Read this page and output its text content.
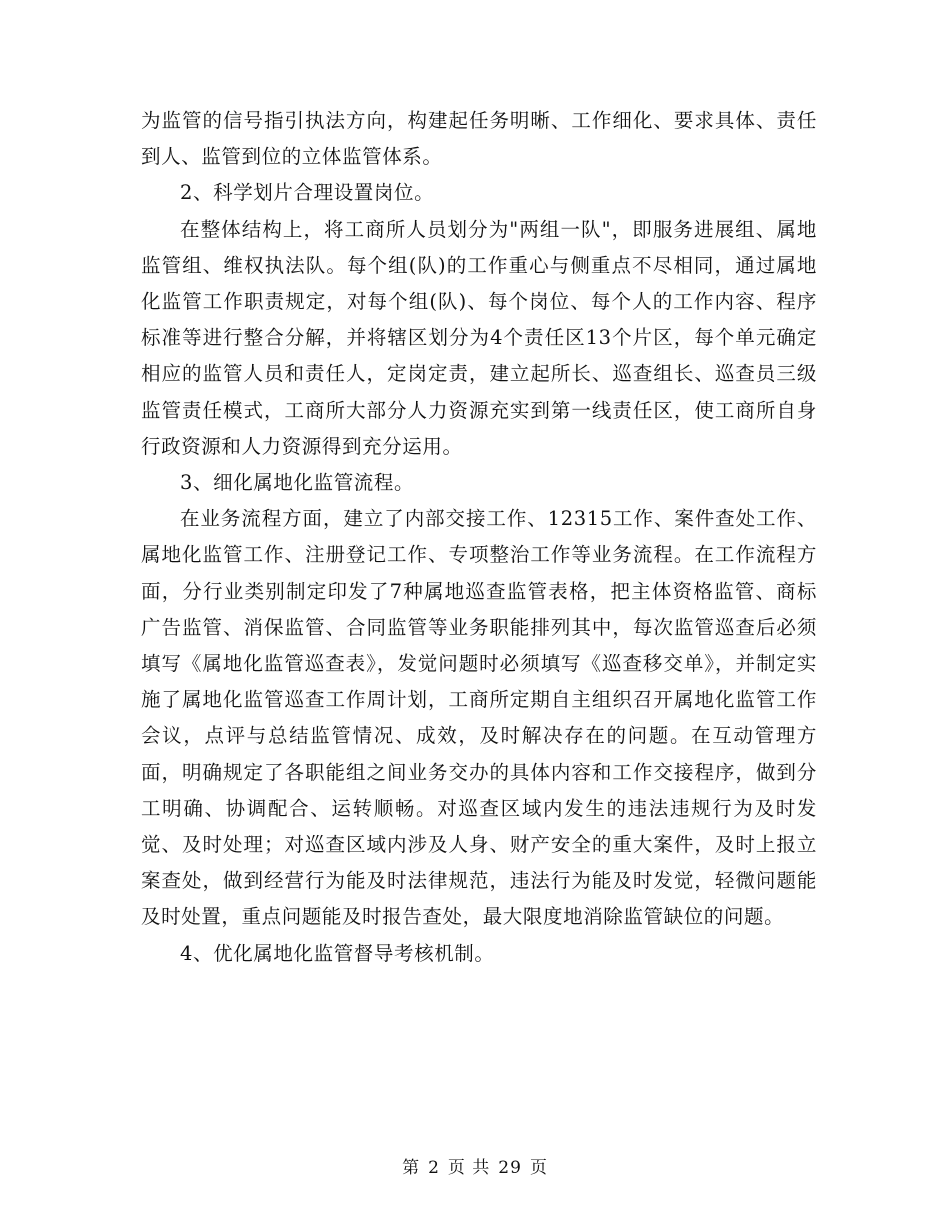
为监管的信号指引执法方向，构建起任务明晰、工作细化、要求具体、责任到人、监管到位的立体监管体系。

2、科学划片合理设置岗位。

在整体结构上，将工商所人员划分为"两组一队"，即服务进展组、属地监管组、维权执法队。每个组(队)的工作重心与侧重点不尽相同，通过属地化监管工作职责规定，对每个组(队)、每个岗位、每个人的工作内容、程序标准等进行整合分解，并将辖区划分为4个责任区13个片区，每个单元确定相应的监管人员和责任人，定岗定责，建立起所长、巡查组长、巡查员三级监管责任模式，工商所大部分人力资源充实到第一线责任区，使工商所自身行政资源和人力资源得到充分运用。

3、细化属地化监管流程。

在业务流程方面，建立了内部交接工作、12315工作、案件查处工作、属地化监管工作、注册登记工作、专项整治工作等业务流程。在工作流程方面，分行业类别制定印发了7种属地巡查监管表格，把主体资格监管、商标广告监管、消保监管、合同监管等业务职能排列其中，每次监管巡查后必须填写《属地化监管巡查表》，发觉问题时必须填写《巡查移交单》，并制定实施了属地化监管巡查工作周计划，工商所定期自主组织召开属地化监管工作会议，点评与总结监管情况、成效，及时解决存在的问题。在互动管理方面，明确规定了各职能组之间业务交办的具体内容和工作交接程序，做到分工明确、协调配合、运转顺畅。对巡查区域内发生的违法违规行为及时发觉、及时处理；对巡查区域内涉及人身、财产安全的重大案件，及时上报立案查处，做到经营行为能及时法律规范，违法行为能及时发觉，轻微问题能及时处置，重点问题能及时报告查处，最大限度地消除监管缺位的问题。

4、优化属地化监管督导考核机制。

第 2 页 共 29 页
